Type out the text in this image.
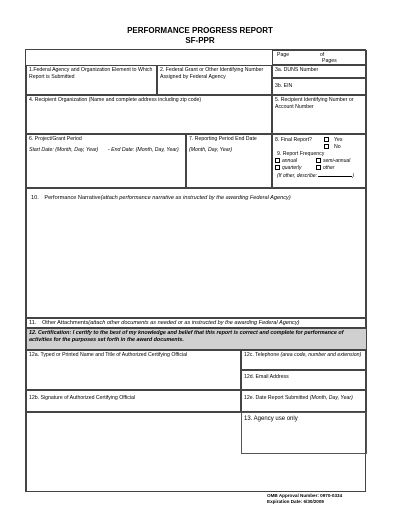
PERFORMANCE PROGRESS REPORT
SF-PPR
Page	of
Pages
1.Federal Agency and Organization Element to Which Report is Submitted
2. Federal Grant or Other Identifying Number Assigned by Federal Agency
3a. DUNS Number
3b. EIN
4. Recipient Organization (Name and complete address including zip code)	5. Recipient Identifying Number or Account Number
6. Project/Grant Period
Start Date: (Month, Day, Year) - End Date: (Month, Day, Year)
7. Reporting Period End Date
(Month, Day, Year)
8. Final Report?	Yes
No
9. Report Frequency
annual	semi-annual
quarterly	other
(If other, describe:	)
10. Performance Narrative(attach performance narrative as instructed by the awarding Federal Agency)
11. Other Attachments(attach other documents as needed or as instructed by the awarding Federal Agency)
12. Certification: I certify to the best of my knowledge and belief that this report is correct and complete for performance of activities for the purposes set forth in the award documents.
12a. Typed or Printed Name and Title of Authorized Certifying Official	12c. Telephone (area code, number and extension)
12d. Email Address
12b. Signature of Authorized Certifying Official	12e. Date Report Submitted (Month, Day, Year)
13. Agency use only
OMB Approval Number: 0970-0334
Expiration Date: 6/30/2009
